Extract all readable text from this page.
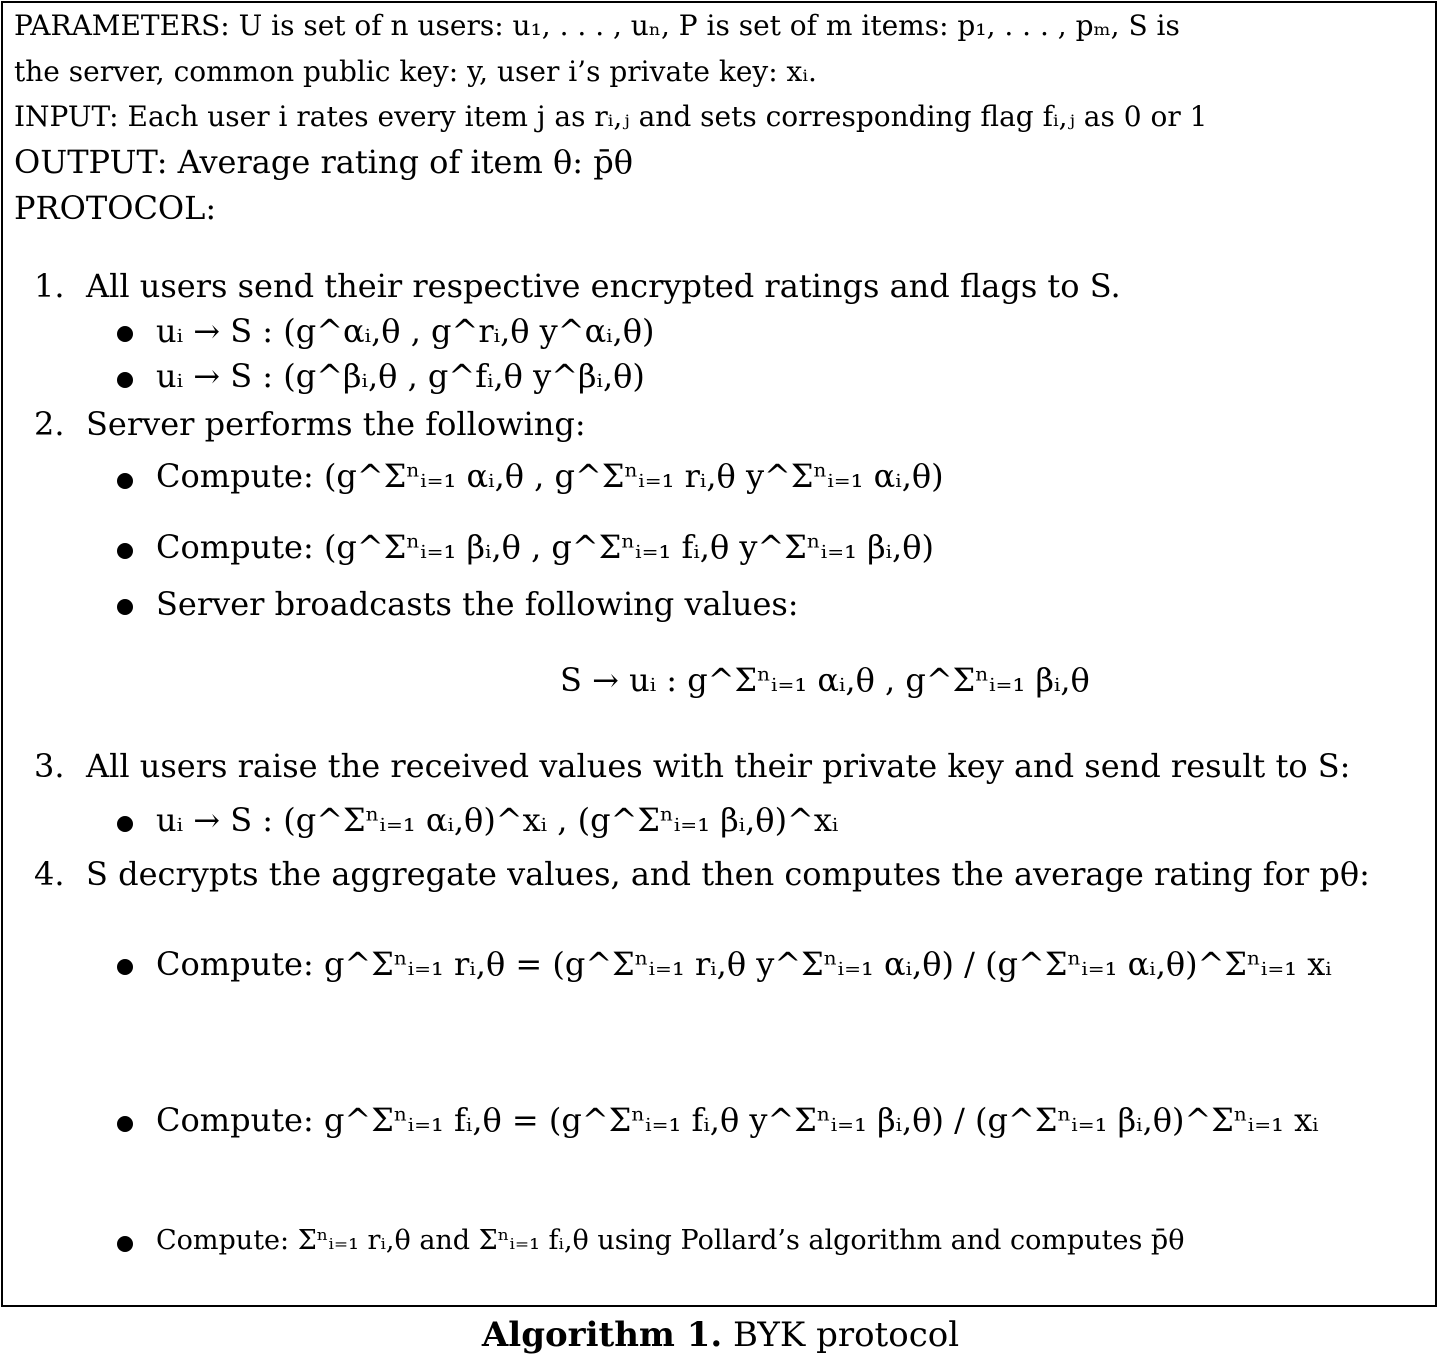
PARAMETERS: U is set of n users: u₁, . . . , uₙ, P is set of m items: p₁, . . . , pₘ, S is
the server, common public key: y, user i’s private key: xᵢ.
INPUT: Each user i rates every item j as rᵢ,ⱼ and sets corresponding flag fᵢ,ⱼ as 0 or 1
OUTPUT: Average rating of item θ: p̄θ
PROTOCOL:
1. All users send their respective encrypted ratings and flags to S.
uᵢ → S : (g^αᵢ,θ , g^rᵢ,θ y^αᵢ,θ)
uᵢ → S : (g^βᵢ,θ , g^fᵢ,θ y^βᵢ,θ)
2. Server performs the following:
Compute: (g^Σⁿᵢ₌₁ αᵢ,θ , g^Σⁿᵢ₌₁ rᵢ,θ y^Σⁿᵢ₌₁ αᵢ,θ)
Compute: (g^Σⁿᵢ₌₁ βᵢ,θ , g^Σⁿᵢ₌₁ fᵢ,θ y^Σⁿᵢ₌₁ βᵢ,θ)
Server broadcasts the following values:
S → uᵢ : g^Σⁿᵢ₌₁ αᵢ,θ , g^Σⁿᵢ₌₁ βᵢ,θ
3. All users raise the received values with their private key and send result to S:
uᵢ → S : (g^Σⁿᵢ₌₁ αᵢ,θ)^xᵢ , (g^Σⁿᵢ₌₁ βᵢ,θ)^xᵢ
4. S decrypts the aggregate values, and then computes the average rating for pθ:
Compute: g^Σⁿᵢ₌₁ rᵢ,θ = (g^Σⁿᵢ₌₁ rᵢ,θ y^Σⁿᵢ₌₁ αᵢ,θ) / (g^Σⁿᵢ₌₁ αᵢ,θ)^Σⁿᵢ₌₁ xᵢ
Compute: g^Σⁿᵢ₌₁ fᵢ,θ = (g^Σⁿᵢ₌₁ fᵢ,θ y^Σⁿᵢ₌₁ βᵢ,θ) / (g^Σⁿᵢ₌₁ βᵢ,θ)^Σⁿᵢ₌₁ xᵢ
Compute: Σⁿᵢ₌₁ rᵢ,θ and Σⁿᵢ₌₁ fᵢ,θ using Pollard’s algorithm and computes p̄θ
Algorithm 1. BYK protocol
